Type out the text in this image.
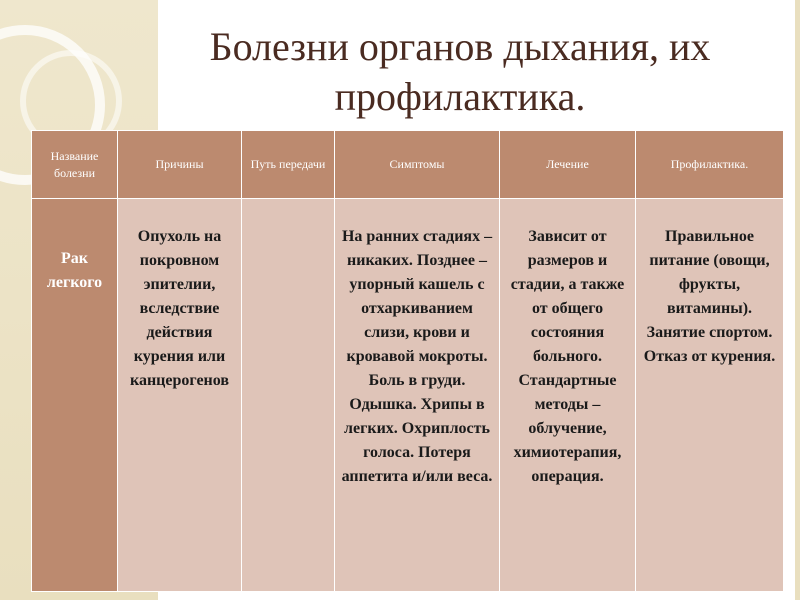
Болезни органов дыхания, их
профилактика.
Название болезни	Причины	Путь передачи	Симптомы	Лечение	Профилактика.
Рак легкого	Опухоль на покровном эпителии, вследствие действия курения или канцерогенов		На ранних стадиях – никаких. Позднее – упорный кашель с отхаркиванием слизи, крови и кровавой мокроты. Боль в груди. Одышка. Хрипы в легких. Охриплость голоса. Потеря аппетита и/или веса.	Зависит от размеров и стадии, а также от общего состояния больного. Стандартные методы – облучение, химиотерапия, операция.	Правильное питание (овощи, фрукты, витамины). Занятие спортом. Отказ от курения.
